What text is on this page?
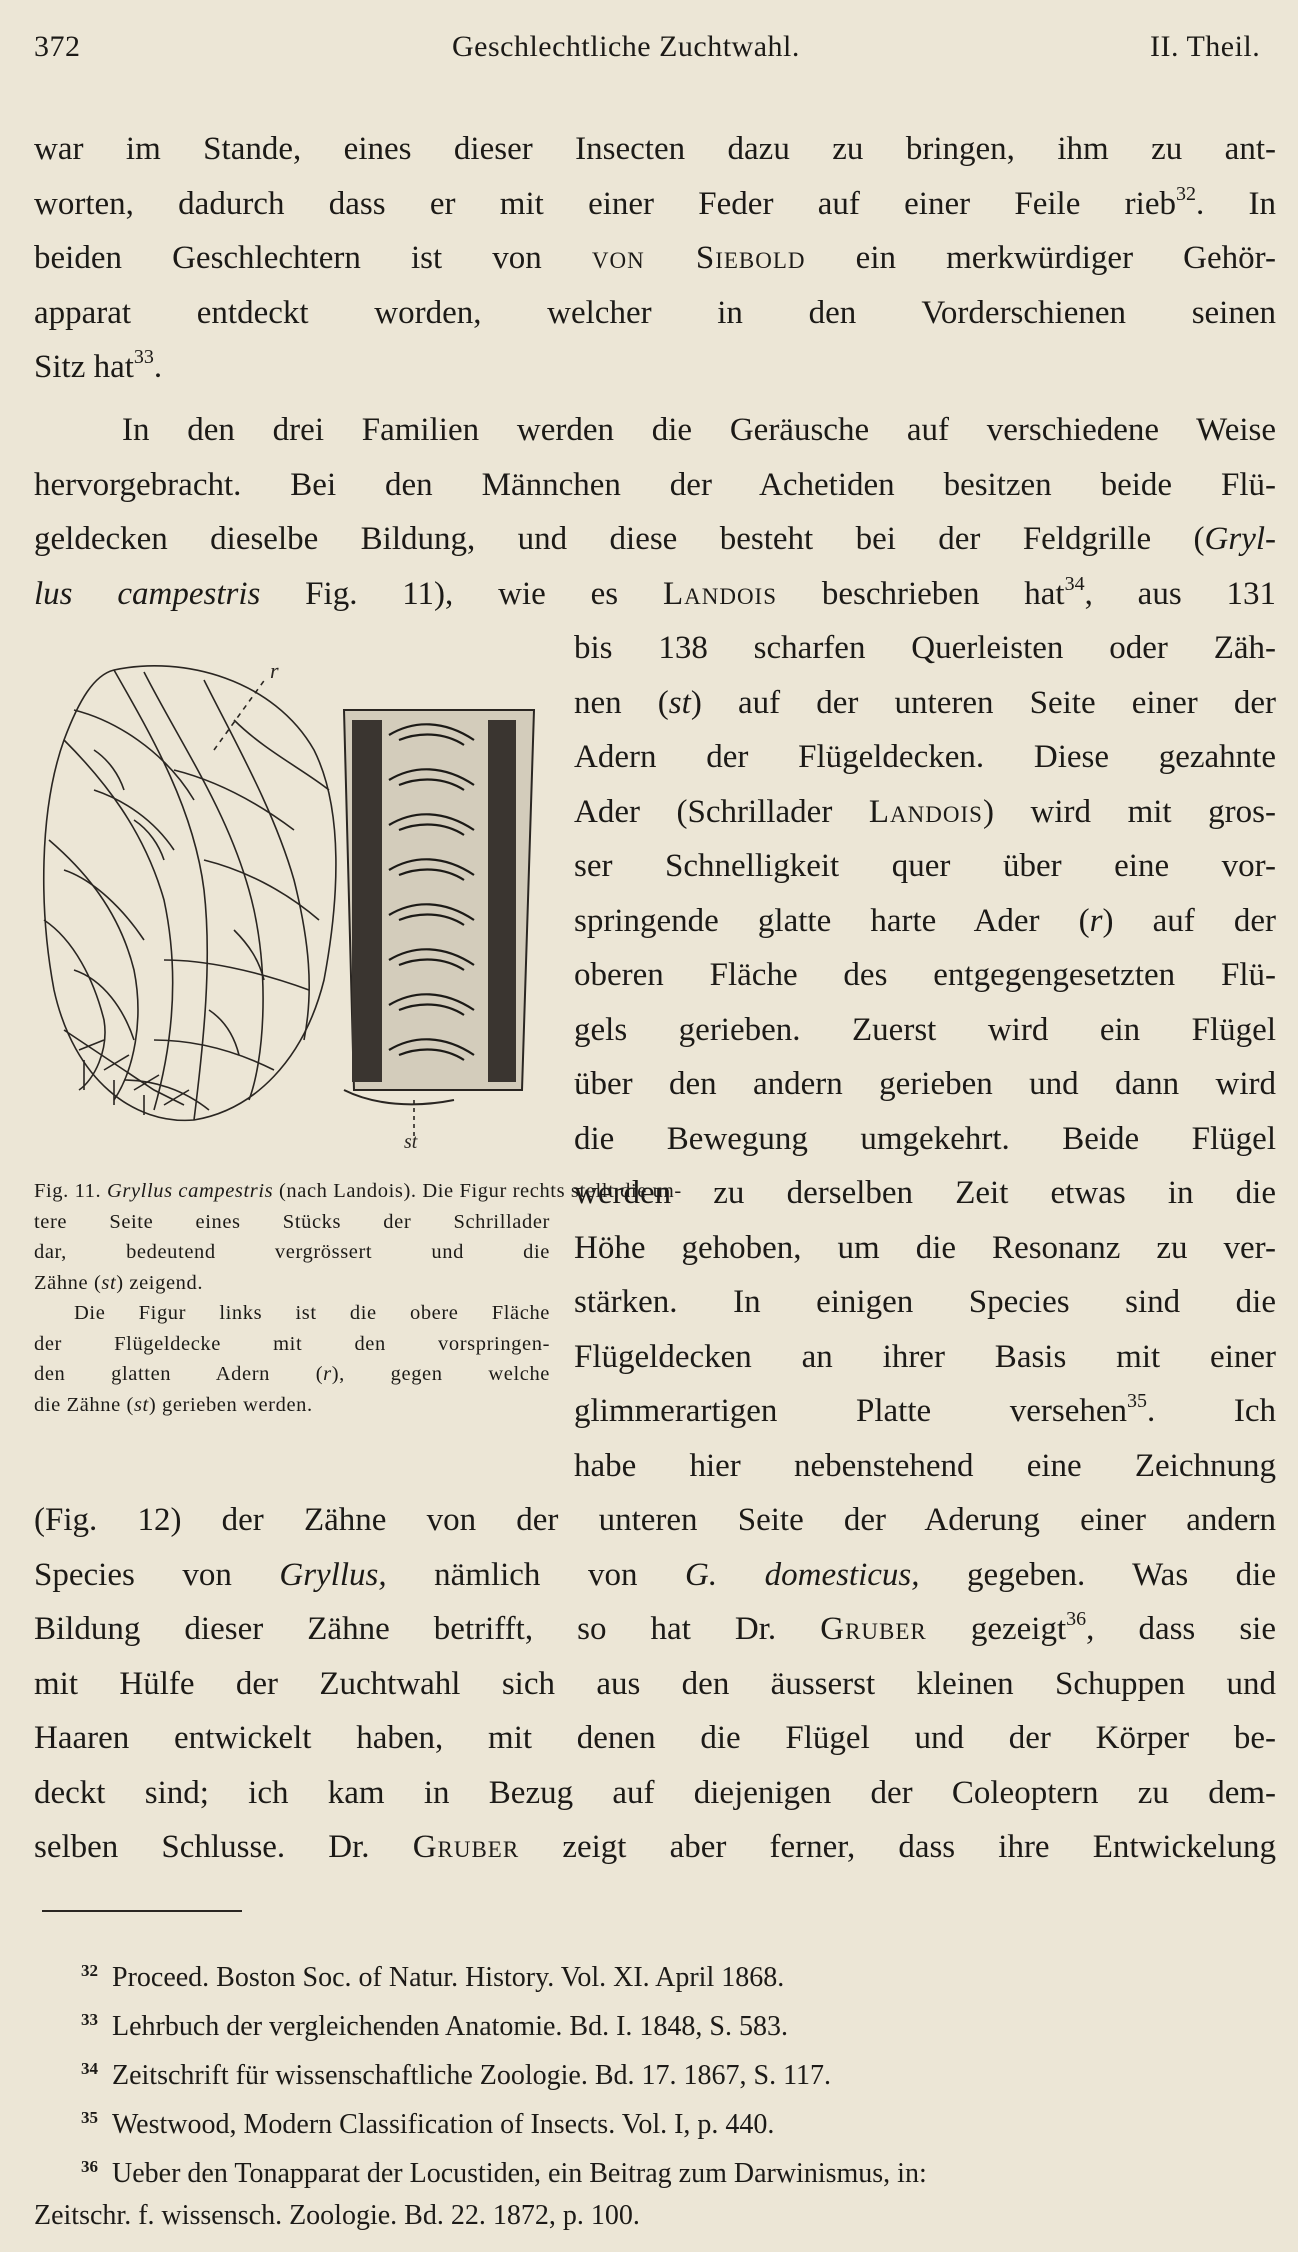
372	Geschlechtliche Zuchtwahl.	II. Theil.
war im Stande, eines dieser Insecten dazu zu bringen, ihm zu ant-
worten, dadurch dass er mit einer Feder auf einer Feile rieb$^{32}$. In
beiden Geschlechtern ist von von Siebold ein merkwürdiger Gehör-
apparat entdeckt worden, welcher in den Vorderschienen seinen
Sitz hat$^{33}$.
In den drei Familien werden die Geräusche auf verschiedene Weise
hervorgebracht. Bei den Männchen der Achetiden besitzen beide Flü-
geldecken dieselbe Bildung, und diese besteht bei der Feldgrille (Gryl-
lus campestris Fig. 11), wie es Landois beschrieben hat$^{34}$, aus 131
bis 138 scharfen Querleisten oder Zäh-
nen (st) auf der unteren Seite einer der
Adern der Flügeldecken. Diese gezahnte
Ader (Schrillader Landois) wird mit gros-
ser Schnelligkeit quer über eine vor-
springende glatte harte Ader (r) auf der
oberen Fläche des entgegengesetzten Flü-
gels gerieben. Zuerst wird ein Flügel
über den andern gerieben und dann wird
die Bewegung umgekehrt. Beide Flügel
werden zu derselben Zeit etwas in die
Höhe gehoben, um die Resonanz zu ver-
stärken. In einigen Species sind die
Flügeldecken an ihrer Basis mit einer
glimmerartigen Platte versehen$^{35}$. Ich
habe hier nebenstehend eine Zeichnung
(Fig. 12) der Zähne von der unteren Seite der Aderung einer andern
Species von Gryllus, nämlich von G. domesticus, gegeben. Was die
Bildung dieser Zähne betrifft, so hat Dr. Gruber gezeigt$^{36}$, dass sie
mit Hülfe der Zuchtwahl sich aus den äusserst kleinen Schuppen und
Haaren entwickelt haben, mit denen die Flügel und der Körper be-
deckt sind; ich kam in Bezug auf diejenigen der Coleoptern zu dem-
selben Schlusse. Dr. Gruber zeigt aber ferner, dass ihre Entwickelung
r
st
Fig. 11. Gryllus campestris (nach Landois). Die Figur rechts stellt die un-
tere Seite eines Stücks der Schrillader
dar, bedeutend vergrössert und die
Zähne (st) zeigend.
Die Figur links ist die obere Fläche
der Flügeldecke mit den vorspringen-
den glatten Adern (r), gegen welche
die Zähne (st) gerieben werden.
32 Proceed. Boston Soc. of Natur. History. Vol. XI. April 1868.
33 Lehrbuch der vergleichenden Anatomie. Bd. I. 1848, S. 583.
34 Zeitschrift für wissenschaftliche Zoologie. Bd. 17. 1867, S. 117.
35 Westwood, Modern Classification of Insects. Vol. I, p. 440.
36 Ueber den Tonapparat der Locustiden, ein Beitrag zum Darwinismus, in:
Zeitschr. f. wissensch. Zoologie. Bd. 22. 1872, p. 100.
